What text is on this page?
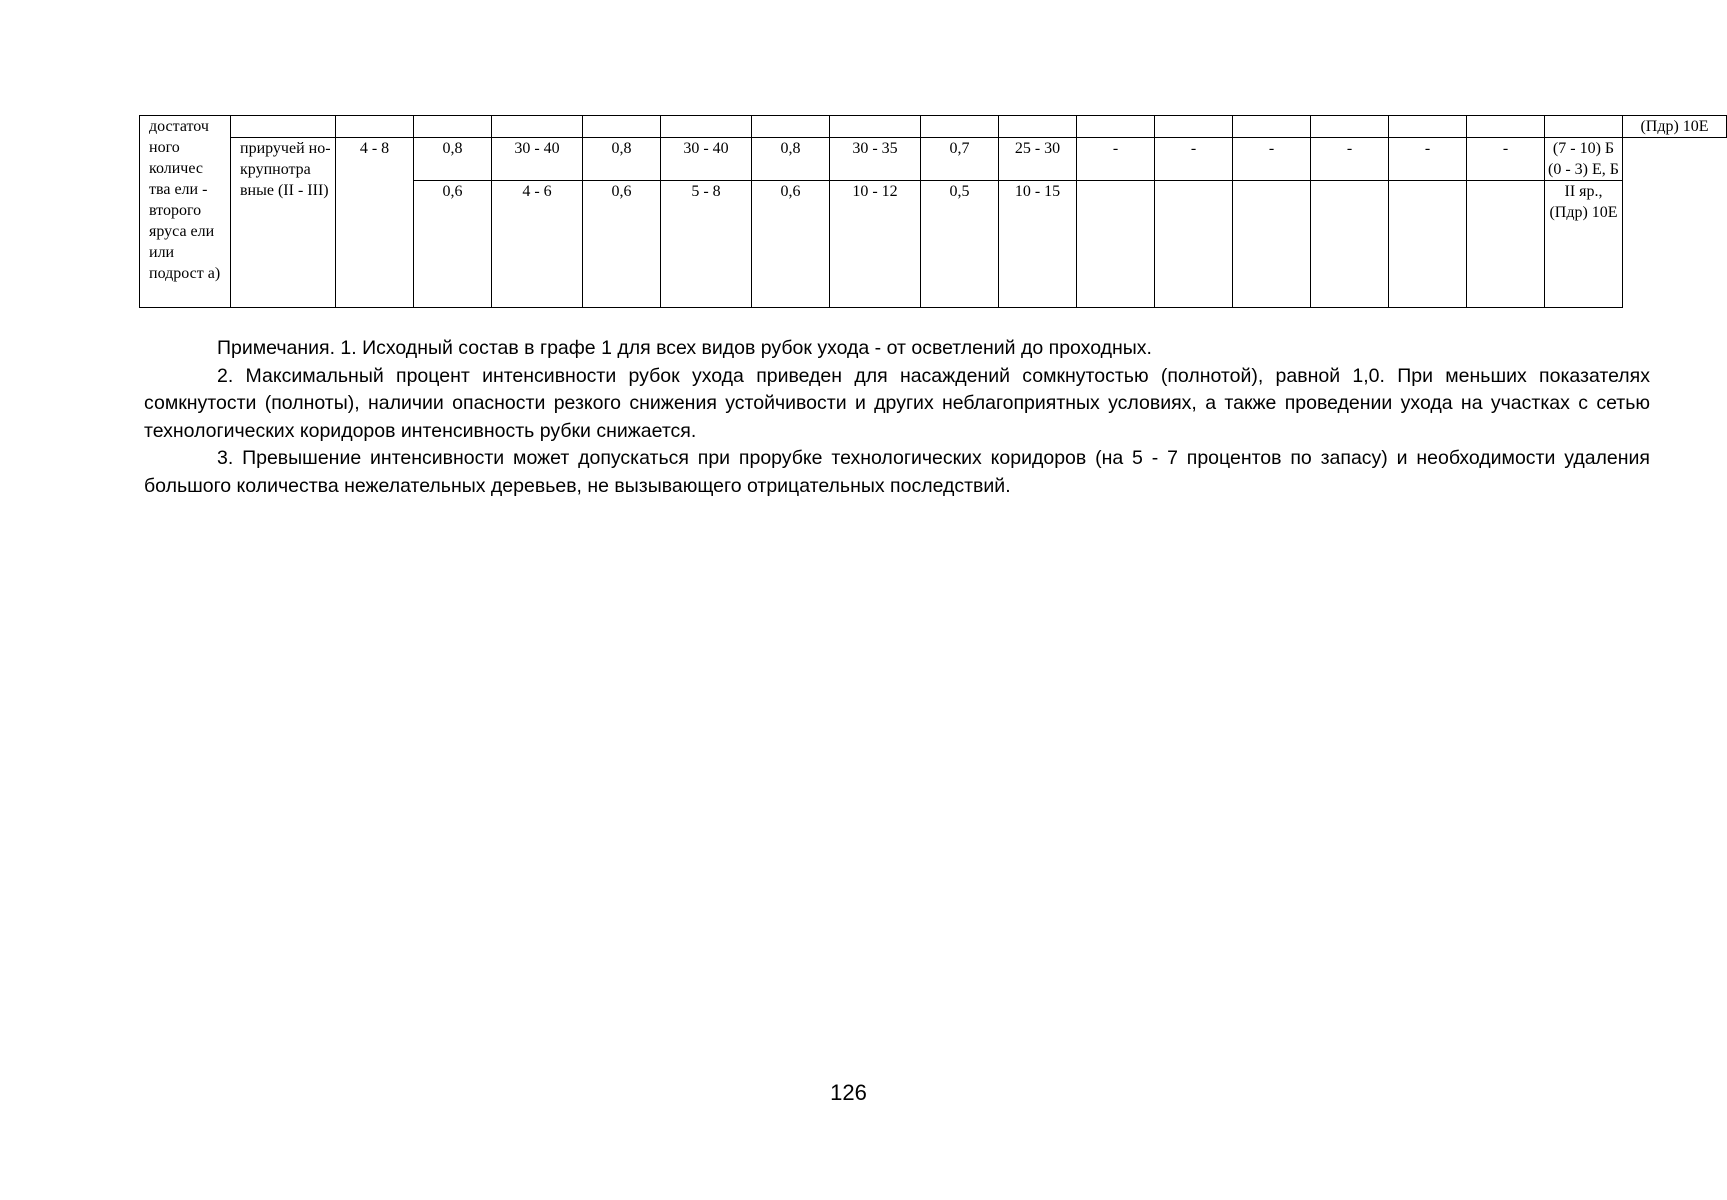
достаточ ного количес тва ели - второго яруса ели или подрост а)																		(Пдр) 10Е
	приручей но- крупнотра вные (II - III)	4 - 8	0,8	30 - 40	0,8	30 - 40	0,8	30 - 35	0,7	25 - 30	-	-	-	-	-	-	(7 - 10) Б (0 - 3) Е, Б	
			0,6	4 - 6	0,6	5 - 8	0,6	10 - 12	0,5	10 - 15							II яр., (Пдр) 10Е	

Примечания. 1. Исходный состав в графе 1 для всех видов рубок ухода - от осветлений до проходных.

2. Максимальный процент интенсивности рубок ухода приведен для насаждений сомкнутостью (полнотой), равной 1,0. При меньших показателях сомкнутости (полноты), наличии опасности резкого снижения устойчивости и других неблагоприятных условиях, а также проведении ухода на участках с сетью технологических коридоров интенсивность рубки снижается.

3. Превышение интенсивности может допускаться при прорубке технологических коридоров (на 5 - 7 процентов по запасу) и необходимости удаления большого количества нежелательных деревьев, не вызывающего отрицательных последствий.

126
